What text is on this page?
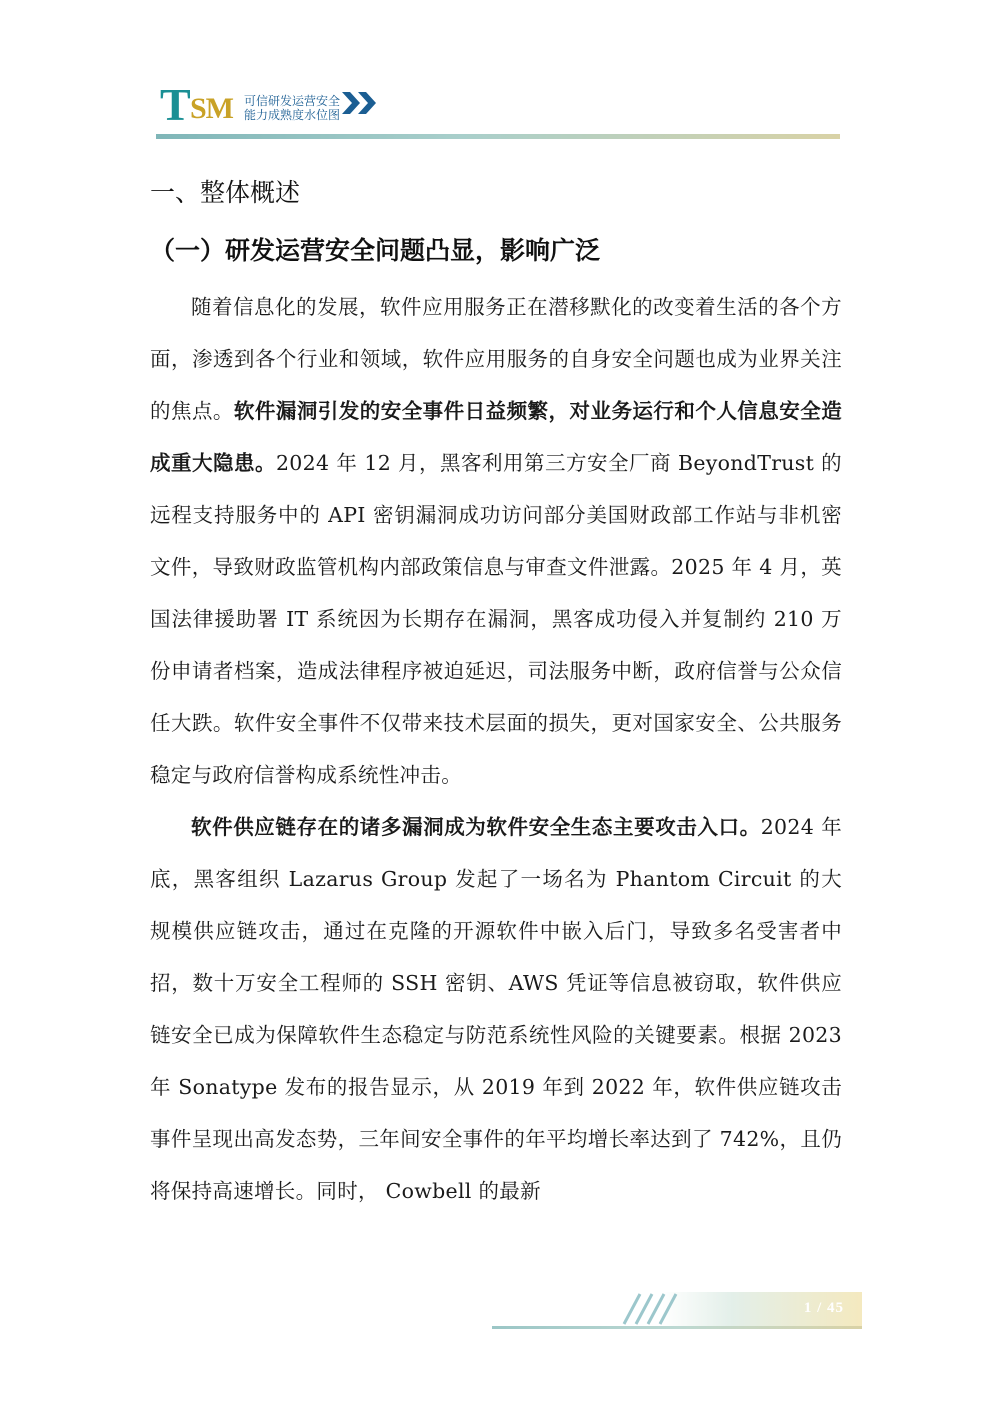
T SM 可信研发运营安全
能力成熟度水位图
一、整体概述
（一）研发运营安全问题凸显，影响广泛

随着信息化的发展，软件应用服务正在潜移默化的改变着生活的各个方面，渗透到各个行业和领域，软件应用服务的自身安全问题也成为业界关注的焦点。软件漏洞引发的安全事件日益频繁，对业务运行和个人信息安全造成重大隐患。2024 年 12 月，黑客利用第三方安全厂商 BeyondTrust 的远程支持服务中的 API 密钥漏洞成功访问部分美国财政部工作站与非机密文件，导致财政监管机构内部政策信息与审查文件泄露。2025 年 4 月，英国法律援助署 IT 系统因为长期存在漏洞，黑客成功侵入并复制约 210 万份申请者档案，造成法律程序被迫延迟，司法服务中断，政府信誉与公众信任大跌。软件安全事件不仅带来技术层面的损失，更对国家安全、公共服务稳定与政府信誉构成系统性冲击。

软件供应链存在的诸多漏洞成为软件安全生态主要攻击入口。2024 年底，黑客组织 Lazarus Group 发起了一场名为 Phantom Circuit 的大规模供应链攻击，通过在克隆的开源软件中嵌入后门，导致多名受害者中招，数十万安全工程师的 SSH 密钥、AWS 凭证等信息被窃取，软件供应链安全已成为保障软件生态稳定与防范系统性风险的关键要素。根据 2023 年 Sonatype 发布的报告显示，从 2019 年到 2022 年，软件供应链攻击事件呈现出高发态势，三年间安全事件的年平均增长率达到了 742%，且仍将保持高速增长。同时， Cowbell 的最新

1 / 45
